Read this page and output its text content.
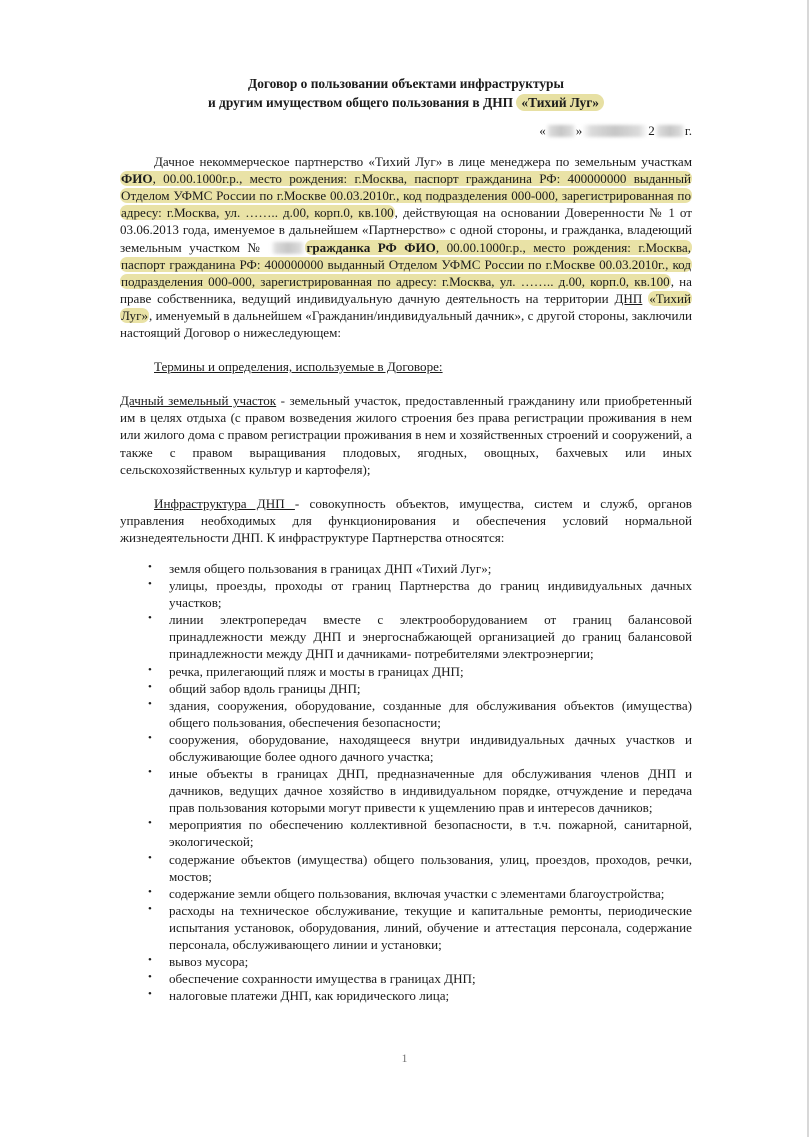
Договор о пользовании объектами инфраструктуры
и другим имуществом общего пользования в ДНП «Тихий Луг»
« »	2 г.

Дачное некоммерческое партнерство «Тихий Луг» в лице менеджера по земельным участкам ФИО, 00.00.1000г.р., место рождения: г.Москва, паспорт гражданина РФ: 400000000 выданный Отделом УФМС России по г.Москве 00.03.2010г., код подразделения 000-000, зарегистрированная по адресу: г.Москва, ул. …….. д.00, корп.0, кв.100, действующая на основании Доверенности № 1 от 03.06.2013 года, именуемое в дальнейшем «Партнерство» с одной стороны, и гражданка, владеющий земельным участком №	гражданка РФ ФИО, 00.00.1000г.р., место рождения: г.Москва, паспорт гражданина РФ: 400000000 выданный Отделом УФМС России по г.Москве 00.03.2010г., код подразделения 000-000, зарегистрированная по адресу: г.Москва, ул. …….. д.00, корп.0, кв.100, на праве собственника, ведущий индивидуальную дачную деятельность на территории ДНП «Тихий Луг», именуемый в дальнейшем «Гражданин/индивидуальный дачник», с другой стороны, заключили настоящий Договор о нижеследующем:

Термины и определения, используемые в Договоре:

Дачный земельный участок - земельный участок, предоставленный гражданину или приобретенный им в целях отдыха (с правом возведения жилого строения без права регистрации проживания в нем или жилого дома с правом регистрации проживания в нем и хозяйственных строений и сооружений, а также с правом выращивания плодовых, ягодных, овощных, бахчевых или иных сельскохозяйственных культур и картофеля);

Инфраструктура ДНП - совокупность объектов, имущества, систем и служб, органов управления необходимых для функционирования и обеспечения условий нормальной жизнедеятельности ДНП. К инфраструктуре Партнерства относятся:

• земля общего пользования в границах ДНП «Тихий Луг»;
• улицы, проезды, проходы от границ Партнерства до границ индивидуальных дачных участков;
• линии электропередач вместе с электрооборудованием от границ балансовой принадлежности между ДНП и энергоснабжающей организацией до границ балансовой принадлежности между ДНП и дачниками- потребителями электроэнергии;
• речка, прилегающий пляж и мосты в границах ДНП;
• общий забор вдоль границы ДНП;
• здания, сооружения, оборудование, созданные для обслуживания объектов (имущества) общего пользования, обеспечения безопасности;
• сооружения, оборудование, находящееся внутри индивидуальных дачных участков и обслуживающие более одного дачного участка;
• иные объекты в границах ДНП, предназначенные для обслуживания членов ДНП и дачников, ведущих дачное хозяйство в индивидуальном порядке, отчуждение и передача прав пользования которыми могут привести к ущемлению прав и интересов дачников;
• мероприятия по обеспечению коллективной безопасности, в т.ч. пожарной, санитарной, экологической;
• содержание объектов (имущества) общего пользования, улиц, проездов, проходов, речки, мостов;
• содержание земли общего пользования, включая участки с элементами благоустройства;
• расходы на техническое обслуживание, текущие и капитальные ремонты, периодические испытания установок, оборудования, линий, обучение и аттестация персонала, содержание персонала, обслуживающего линии и установки;
• вывоз мусора;
• обеспечение сохранности имущества в границах ДНП;
• налоговые платежи ДНП, как юридического лица;
1
